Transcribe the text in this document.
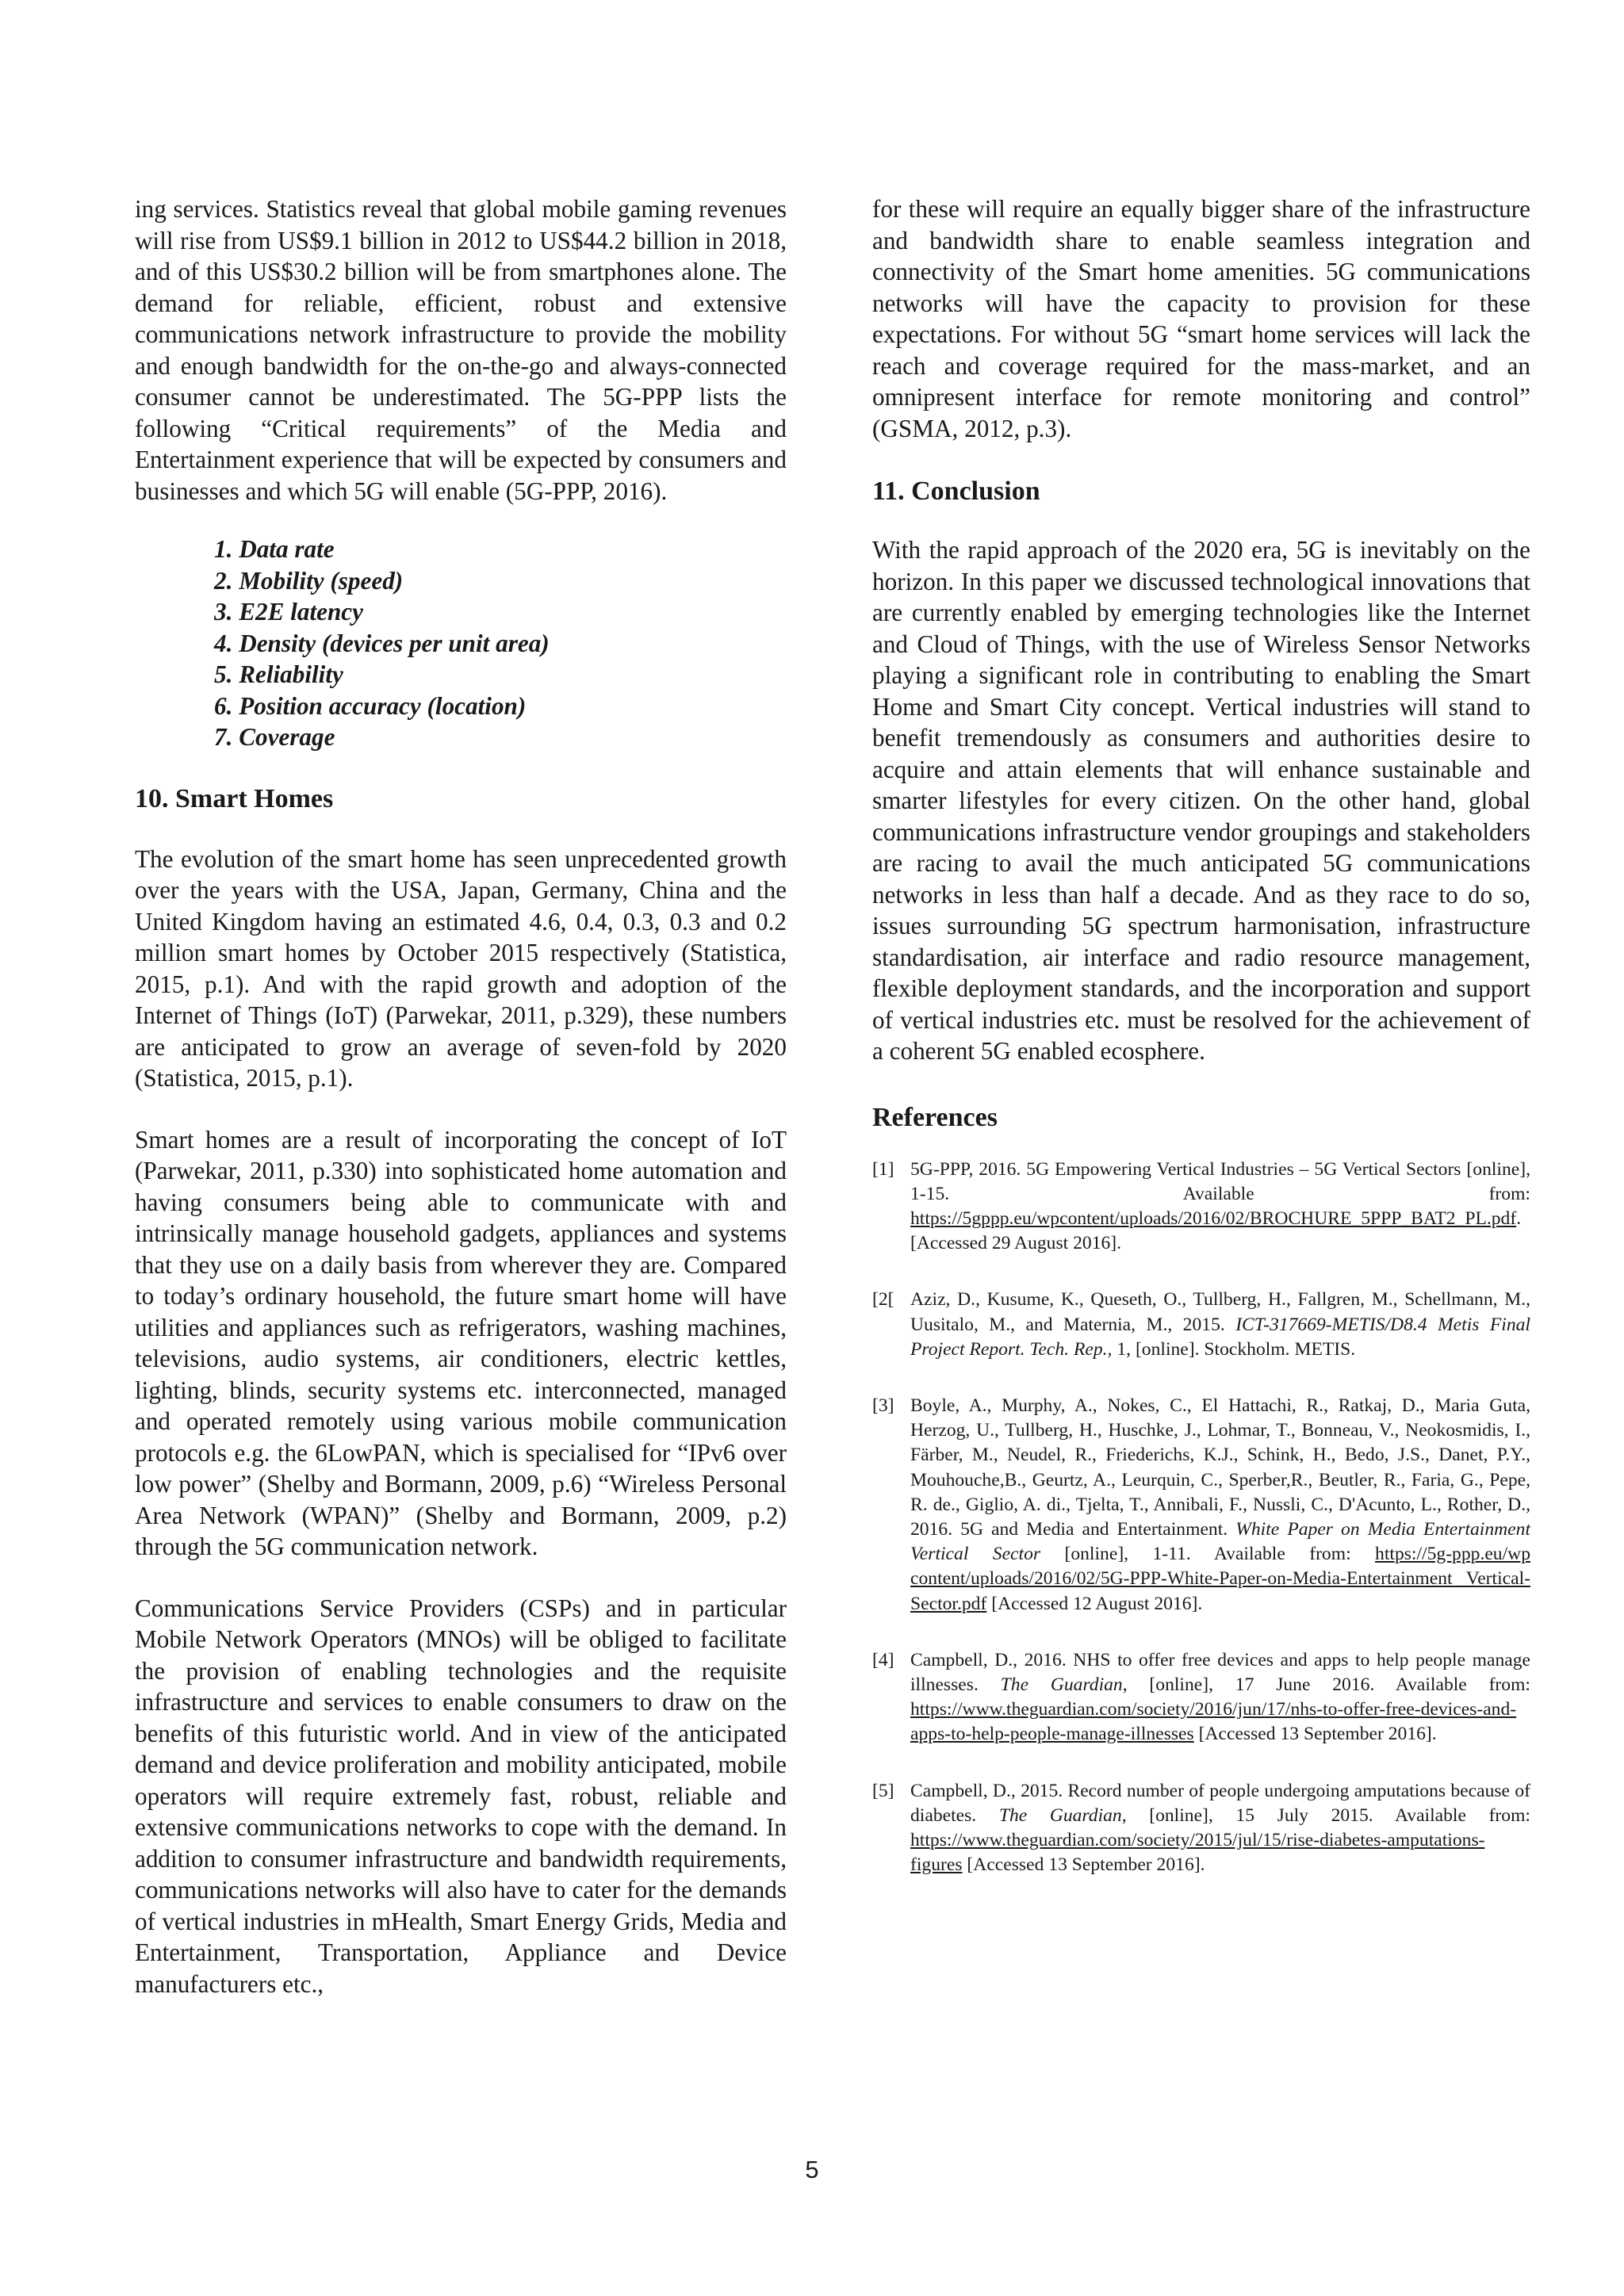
ing services. Statistics reveal that global mobile gaming revenues will rise from US$9.1 billion in 2012 to US$44.2 billion in 2018, and of this US$30.2 billion will be from smartphones alone. The demand for reliable, efficient, robust and extensive communications network infrastructure to provide the mobility and enough bandwidth for the on-the-go and always-connected consumer cannot be underestimated. The 5G-PPP lists the following “Critical requirements” of the Media and Entertainment experience that will be expected by consumers and businesses and which 5G will enable (5G-PPP, 2016).

1. Data rate
2. Mobility (speed)
3. E2E latency
4. Density (devices per unit area)
5. Reliability
6. Position accuracy (location)
7. Coverage
10. Smart Homes

The evolution of the smart home has seen unprecedented growth over the years with the USA, Japan, Germany, China and the United Kingdom having an estimated 4.6, 0.4, 0.3, 0.3 and 0.2 million smart homes by October 2015 respectively (Statistica, 2015, p.1). And with the rapid growth and adoption of the Internet of Things (IoT) (Parwekar, 2011, p.329), these numbers are anticipated to grow an average of seven-fold by 2020 (Statistica, 2015, p.1).

Smart homes are a result of incorporating the concept of IoT (Parwekar, 2011, p.330) into sophisticated home automation and having consumers being able to communicate with and intrinsically manage household gadgets, appliances and systems that they use on a daily basis from wherever they are. Compared to today’s ordinary household, the future smart home will have utilities and appliances such as refrigerators, washing machines, televisions, audio systems, air conditioners, electric kettles, lighting, blinds, security systems etc. interconnected, managed and operated remotely using various mobile communication protocols e.g. the 6LowPAN, which is specialised for “IPv6 over low power” (Shelby and Bormann, 2009, p.6) “Wireless Personal Area Network (WPAN)” (Shelby and Bormann, 2009, p.2) through the 5G communication network.

Communications Service Providers (CSPs) and in particular Mobile Network Operators (MNOs) will be obliged to facilitate the provision of enabling technologies and the requisite infrastructure and services to enable consumers to draw on the benefits of this futuristic world. And in view of the anticipated demand and device proliferation and mobility anticipated, mobile operators will require extremely fast, robust, reliable and extensive communications networks to cope with the demand. In addition to consumer infrastructure and bandwidth requirements, communications networks will also have to cater for the demands of vertical industries in mHealth, Smart Energy Grids, Media and Entertainment, Transportation, Appliance and Device manufacturers etc.,

for these will require an equally bigger share of the infrastructure and bandwidth share to enable seamless integration and connectivity of the Smart home amenities. 5G communications networks will have the capacity to provision for these expectations. For without 5G “smart home services will lack the reach and coverage required for the mass-market, and an omnipresent interface for remote monitoring and control” (GSMA, 2012, p.3).

11. Conclusion

With the rapid approach of the 2020 era, 5G is inevitably on the horizon. In this paper we discussed technological innovations that are currently enabled by emerging technologies like the Internet and Cloud of Things, with the use of Wireless Sensor Networks playing a significant role in contributing to enabling the Smart Home and Smart City concept. Vertical industries will stand to benefit tremendously as consumers and authorities desire to acquire and attain elements that will enhance sustainable and smarter lifestyles for every citizen. On the other hand, global communications infrastructure vendor groupings and stakeholders are racing to avail the much anticipated 5G communications networks in less than half a decade. And as they race to do so, issues surrounding 5G spectrum harmonisation, infrastructure standardisation, air interface and radio resource management, flexible deployment standards, and the incorporation and support of vertical industries etc. must be resolved for the achievement of a coherent 5G enabled ecosphere.

References
[1] 5G-PPP, 2016. 5G Empowering Vertical Industries – 5G Vertical Sectors [online], 1-15. Available from: https://5gppp.eu/wpcontent/uploads/2016/02/BROCHURE_5PPP_BAT2_PL.pdf. [Accessed 29 August 2016].
[2[ Aziz, D., Kusume, K., Queseth, O., Tullberg, H., Fallgren, M., Schellmann, M., Uusitalo, M., and Maternia, M., 2015. ICT-317669-METIS/D8.4 Metis Final Project Report. Tech. Rep., 1, [online]. Stockholm. METIS.
[3] Boyle, A., Murphy, A., Nokes, C., El Hattachi, R., Ratkaj, D., Maria Guta, Herzog, U., Tullberg, H., Huschke, J., Lohmar, T., Bonneau, V., Neokosmidis, I., Färber, M., Neudel, R., Friederichs, K.J., Schink, H., Bedo, J.S., Danet, P.Y., Mouhouche,B., Geurtz, A., Leurquin, C., Sperber,R., Beutler, R., Faria, G., Pepe, R. de., Giglio, A. di., Tjelta, T., Annibali, F., Nussli, C., D'Acunto, L., Rother, D., 2016. 5G and Media and Entertainment. White Paper on Media Entertainment Vertical Sector [online], 1-11. Available from: https://5g-ppp.eu/wp content/uploads/2016/02/5G-PPP-White-Paper-on-Media-Entertainment Vertical-Sector.pdf [Accessed 12 August 2016].
[4] Campbell, D., 2016. NHS to offer free devices and apps to help people manage illnesses. The Guardian, [online], 17 June 2016. Available from: https://www.theguardian.com/society/2016/jun/17/nhs-to-offer-free-devices-and-apps-to-help-people-manage-illnesses [Accessed 13 September 2016].
[5] Campbell, D., 2015. Record number of people undergoing amputations because of diabetes. The Guardian, [online], 15 July 2015. Available from: https://www.theguardian.com/society/2015/jul/15/rise-diabetes-amputations-figures [Accessed 13 September 2016].
5
